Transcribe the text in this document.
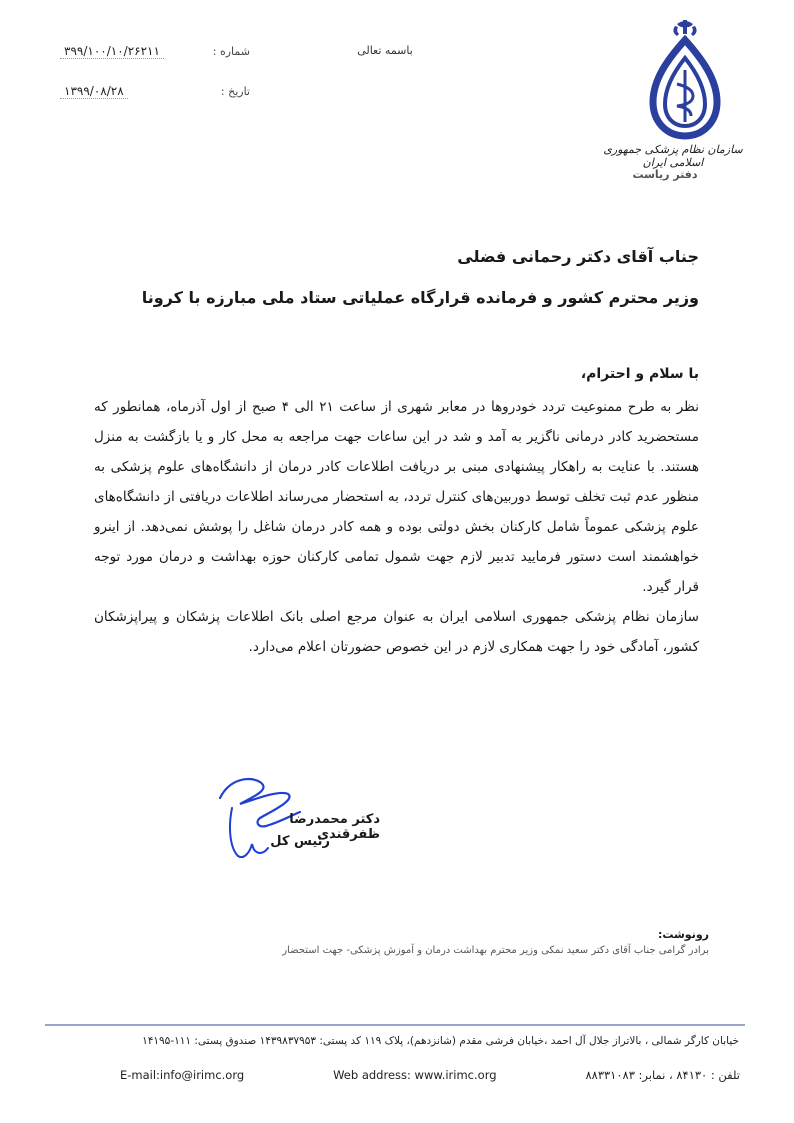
باسمه تعالی
شماره :
۳۹۹/۱۰۰/۱۰/۲۶۲۱۱
تاریخ :
۱۳۹۹/۰۸/۲۸
سازمان نظام پزشکی جمهوری اسلامی ایران
دفتر ریاست
جناب آقای دکتر رحمانی فضلی
وزیر محترم کشور و فرمانده قرارگاه عملیاتی ستاد ملی مبارزه با کرونا
با سلام و احترام،

نظر به طرح ممنوعیت تردد خودروها در معابر شهری از ساعت ۲۱ الی ۴ صبح از اول آذرماه، همانطور که مستحضرید کادر درمانی ناگزیر به آمد و شد در این ساعات جهت مراجعه به محل کار و یا بازگشت به منزل هستند. با عنایت به راهکار پیشنهادی مبنی بر دریافت اطلاعات کادر درمان از دانشگاه‌های علوم پزشکی به منظور عدم ثبت تخلف توسط دوربین‌های کنترل تردد، به استحضار می‌رساند اطلاعات دریافتی از دانشگاه‌های علوم پزشکی عموماً شامل کارکنان بخش دولتی بوده و همه کادر درمان شاغل را پوشش نمی‌دهد. از اینرو خواهشمند است دستور فرمایید تدبیر لازم جهت شمول تمامی کارکنان حوزه بهداشت و درمان مورد توجه قرار گیرد.

سازمان نظام پزشکی جمهوری اسلامی ایران به عنوان مرجع اصلی بانک اطلاعات پزشکان و پیراپزشکان کشور، آمادگی خود را جهت همکاری لازم در این خصوص حضورتان اعلام می‌دارد.

دکتر محمدرضا ظفرقندی
رئیس کل
رونوشت:
برادر گرامی جناب آقای دکتر سعید نمکی وزیر محترم بهداشت درمان و آموزش پزشکی- جهت استحضار
خیابان کارگر شمالی ، بالاتراز جلال آل احمد ،خیابان فرشی مقدم (شانزدهم)، پلاک ۱۱۹ کد پستی: ۱۴۳۹۸۳۷۹۵۳ صندوق پستی: ۱۱۱-۱۴۱۹۵
E-mail:info@irimc.org	Web address: www.irimc.org	تلفن : ۸۴۱۳۰ ، نمابر: ۸۸۳۳۱۰۸۳
